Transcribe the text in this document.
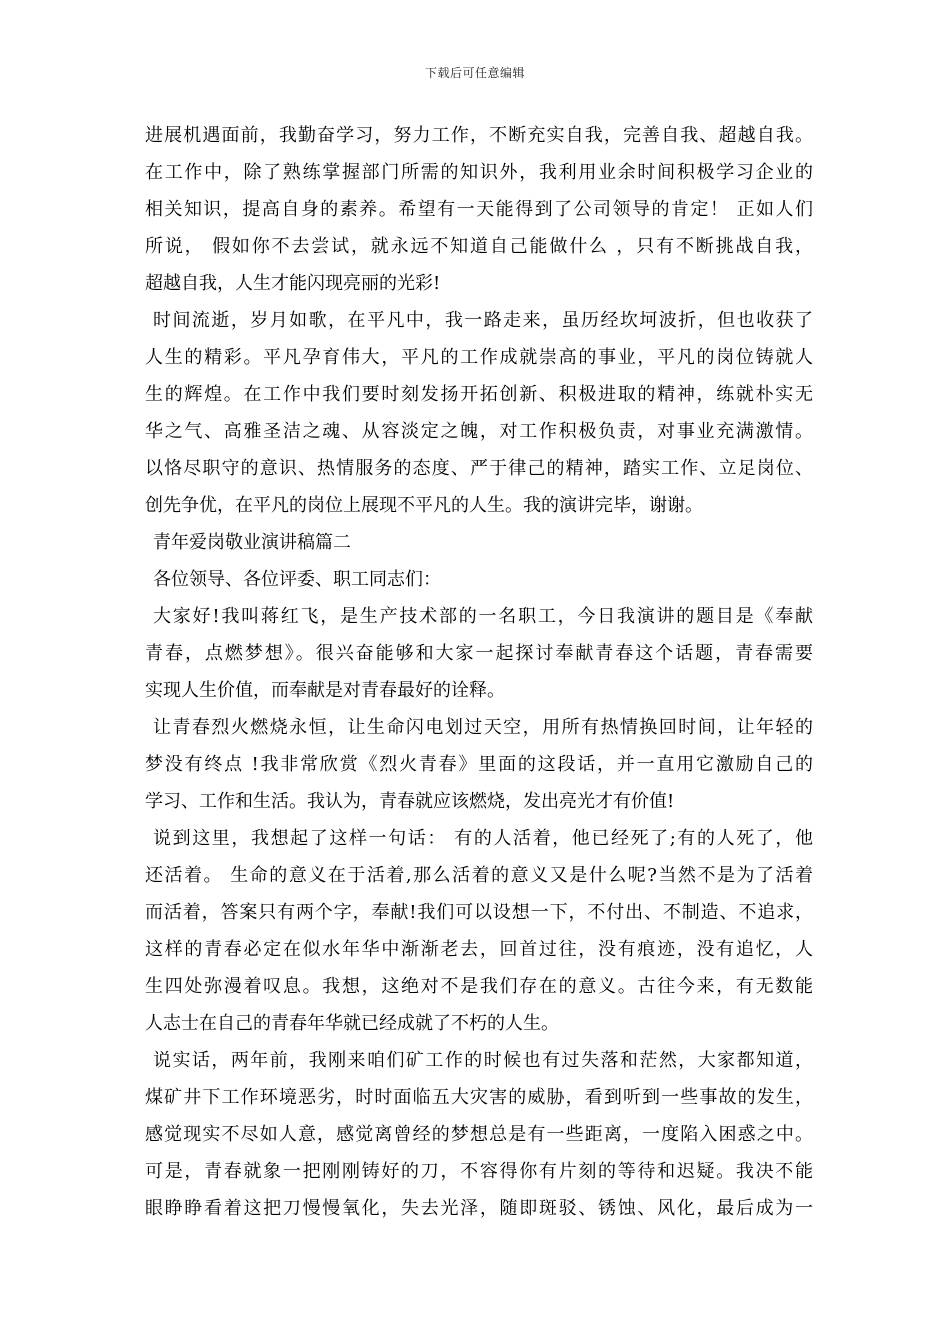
下载后可任意编辑
进展机遇面前，我勤奋学习，努力工作，不断充实自我，完善自我、超越自我。
在工作中，除了熟练掌握部门所需的知识外，我利用业余时间积极学习企业的
相关知识，提高自身的素养。希望有一天能得到了公司领导的肯定！ 正如人们
所说， 假如你不去尝试，就永远不知道自己能做什么 ，只有不断挑战自我，
超越自我，人生才能闪现亮丽的光彩!
时间流逝，岁月如歌，在平凡中，我一路走来，虽历经坎坷波折，但也收获了
人生的精彩。平凡孕育伟大，平凡的工作成就崇高的事业，平凡的岗位铸就人
生的辉煌。在工作中我们要时刻发扬开拓创新、积极进取的精神，练就朴实无
华之气、高雅圣洁之魂、从容淡定之魄，对工作积极负责，对事业充满激情。
以恪尽职守的意识、热情服务的态度、严于律己的精神，踏实工作、立足岗位、
创先争优，在平凡的岗位上展现不平凡的人生。我的演讲完毕，谢谢。
青年爱岗敬业演讲稿篇二
各位领导、各位评委、职工同志们：
大家好!我叫蒋红飞，是生产技术部的一名职工，今日我演讲的题目是《奉献
青春，点燃梦想》。很兴奋能够和大家一起探讨奉献青春这个话题，青春需要
实现人生价值，而奉献是对青春最好的诠释。
让青春烈火燃烧永恒，让生命闪电划过天空，用所有热情换回时间，让年轻的
梦没有终点 !我非常欣赏《烈火青春》里面的这段话，并一直用它激励自己的
学习、工作和生活。我认为，青春就应该燃烧，发出亮光才有价值!
说到这里，我想起了这样一句话： 有的人活着，他已经死了;有的人死了，他
还活着。 生命的意义在于活着,那么活着的意义又是什么呢?当然不是为了活着
而活着，答案只有两个字，奉献!我们可以设想一下，不付出、不制造、不追求，
这样的青春必定在似水年华中渐渐老去，回首过往，没有痕迹，没有追忆，人
生四处弥漫着叹息。我想，这绝对不是我们存在的意义。古往今来，有无数能
人志士在自己的青春年华就已经成就了不朽的人生。
说实话，两年前，我刚来咱们矿工作的时候也有过失落和茫然，大家都知道，
煤矿井下工作环境恶劣，时时面临五大灾害的威胁，看到听到一些事故的发生，
感觉现实不尽如人意，感觉离曾经的梦想总是有一些距离，一度陷入困惑之中。
可是，青春就象一把刚刚铸好的刀，不容得你有片刻的等待和迟疑。我决不能
眼睁睁看着这把刀慢慢氧化，失去光泽，随即斑驳、锈蚀、风化，最后成为一
